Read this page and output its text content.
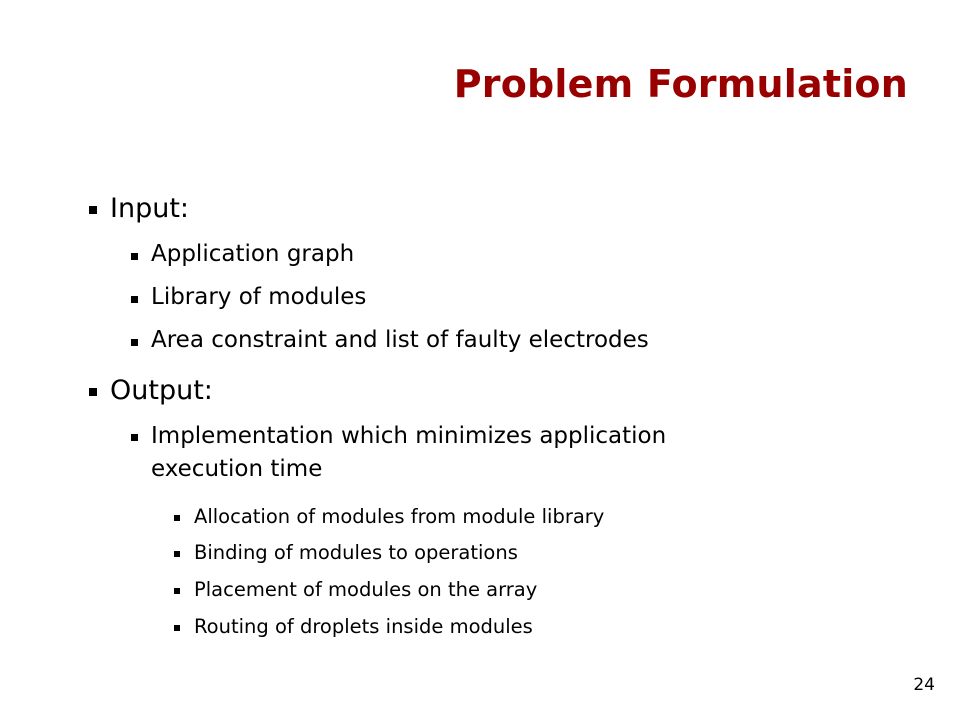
Problem Formulation
Input:
Application graph
Library of modules
Area constraint and list of faulty electrodes
Output:
Implementation which minimizes application
execution time
Allocation of modules from module library
Binding of modules to operations
Placement of modules on the array
Routing of droplets inside modules
24
